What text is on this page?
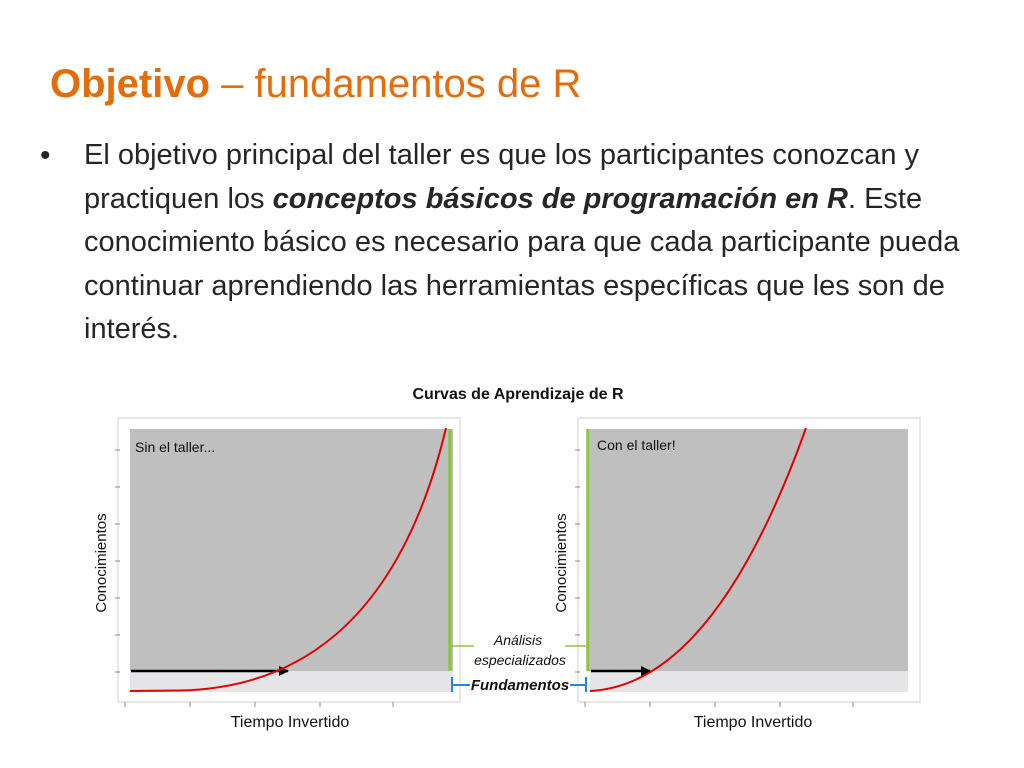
Objetivo – fundamentos de R
• El objetivo principal del taller es que los participantes conozcan y practiquen los conceptos básicos de programación en R. Este conocimiento básico es necesario para que cada participante pueda continuar aprendiendo las herramientas específicas que les son de interés.

Curvas de Aprendizaje de R
Sin el taller...
Conocimientos
Tiempo Invertido
Con el taller!
Conocimientos
Tiempo Invertido
Análisis especializados
Fundamentos
